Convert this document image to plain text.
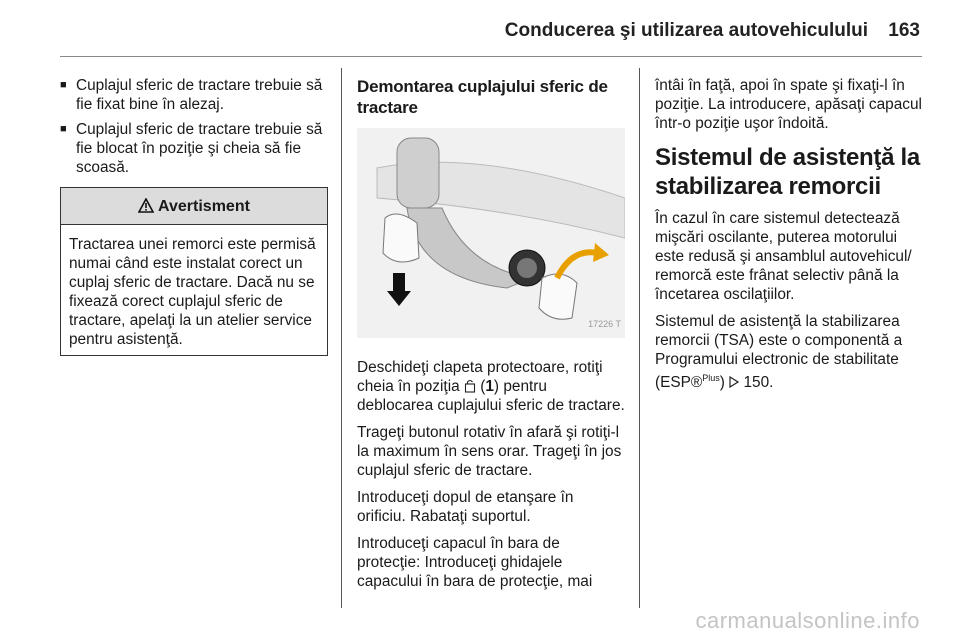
Conducerea şi utilizarea autovehiculului 163
■ Cuplajul sferic de tractare trebuie să fie fixat bine în alezaj.
■ Cuplajul sferic de tractare trebuie să fie blocat în poziţie şi cheia să fie scoasă.
Avertisment
Tractarea unei remorci este permisă numai când este instalat corect un cuplaj sferic de tractare. Dacă nu se fixează corect cuplajul sferic de tractare, apelaţi la un atelier service pentru asistenţă.
Demontarea cuplajului sferic de tractare
17226 T

Deschideţi clapeta protectoare, rotiţi cheia în poziţia  (1) pentru deblocarea cuplajului sferic de tractare.

Trageţi butonul rotativ în afară şi rotiţi-l la maximum în sens orar. Trageţi în jos cuplajul sferic de tractare.

Introduceţi dopul de etanşare în orificiu. Rabataţi suportul.

Introduceţi capacul în bara de protecţie: Introduceţi ghidajele capacului în bara de protecţie, mai

întâi în faţă, apoi în spate şi fixaţi-l în poziţie. La introducere, apăsaţi capacul într-o poziţie uşor îndoită.

Sistemul de asistenţă la stabilizarea remorcii

În cazul în care sistemul detectează mişcări oscilante, puterea motorului este redusă şi ansamblul autovehicul/ remorcă este frânat selectiv până la încetarea oscilaţiilor.

Sistemul de asistenţă la stabilizarea remorcii (TSA) este o componentă a Programului electronic de stabilitate (ESP®$^{Plus}$)  150.

carmanualsonline.info
